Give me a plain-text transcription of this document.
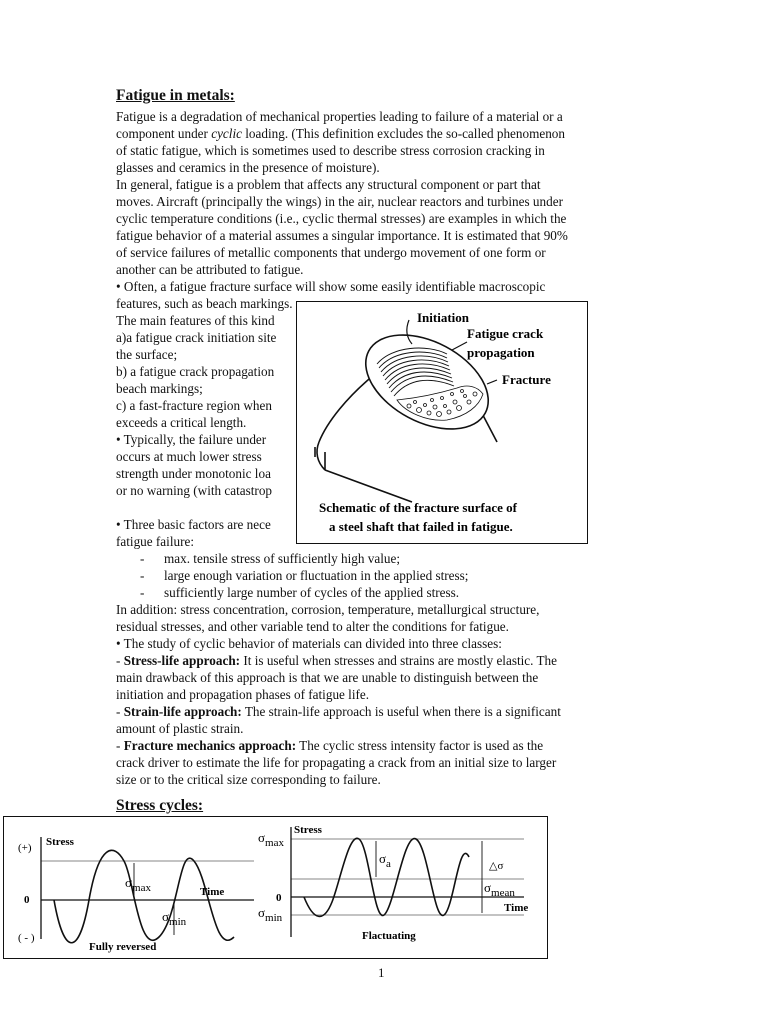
Fatigue in metals:

Fatigue is a degradation of mechanical properties leading to failure of a material or a

component under cyclic loading. (This definition excludes the so-called phenomenon

of static fatigue, which is sometimes used to describe stress corrosion cracking in

glasses and ceramics in the presence of moisture).

In general, fatigue is a problem that affects any structural component or part that

moves. Aircraft (principally the wings) in the air, nuclear reactors and turbines under

cyclic temperature conditions (i.e., cyclic thermal stresses) are examples in which the

fatigue behavior of a material assumes a singular importance. It is estimated that 90%

of service failures of metallic components that undergo movement of one form or

another can be attributed to fatigue.

• Often, a fatigue fracture surface will show some easily identifiable macroscopic

features, such as beach markings.

The main features of this kind

a)a fatigue crack initiation site

the surface;

b) a fatigue crack propagation

beach markings;

c) a fast-fracture region when

exceeds a critical length.

• Typically, the failure under

occurs at much lower stress

strength under monotonic loa

or no warning (with catastrop

• Three basic factors are nece

fatigue failure:

- max. tensile stress of sufficiently high value;

- large enough variation or fluctuation in the applied stress;

- sufficiently large number of cycles of the applied stress.

In addition: stress concentration, corrosion, temperature, metallurgical structure,

residual stresses, and other variable tend to alter the conditions for fatigue.

• The study of cyclic behavior of materials can divided into three classes:

- Stress-life approach: It is useful when stresses and strains are mostly elastic. The

main drawback of this approach is that we are unable to distinguish between the

initiation and propagation phases of fatigue life.

- Strain-life approach: The strain-life approach is useful when there is a significant

amount of plastic strain.

- Fracture mechanics approach: The cyclic stress intensity factor is used as the

crack driver to estimate the life for propagating a crack from an initial size to larger

size or to the critical size corresponding to failure.

Initiation
Fatigue crack
propagation
Fracture
Schematic of the fracture surface of
a steel shaft that failed in fatigue.
Stress cycles:
Stress
(+)
0
( - )
Time
$\sigma_{max}$
$\sigma_{min}$
Fully reversed
Stress
$\sigma_{max}$
$\sigma_a$	△σ
$\sigma_{mean}$
0
$\sigma_{min}$
Time
Flactuating
1
